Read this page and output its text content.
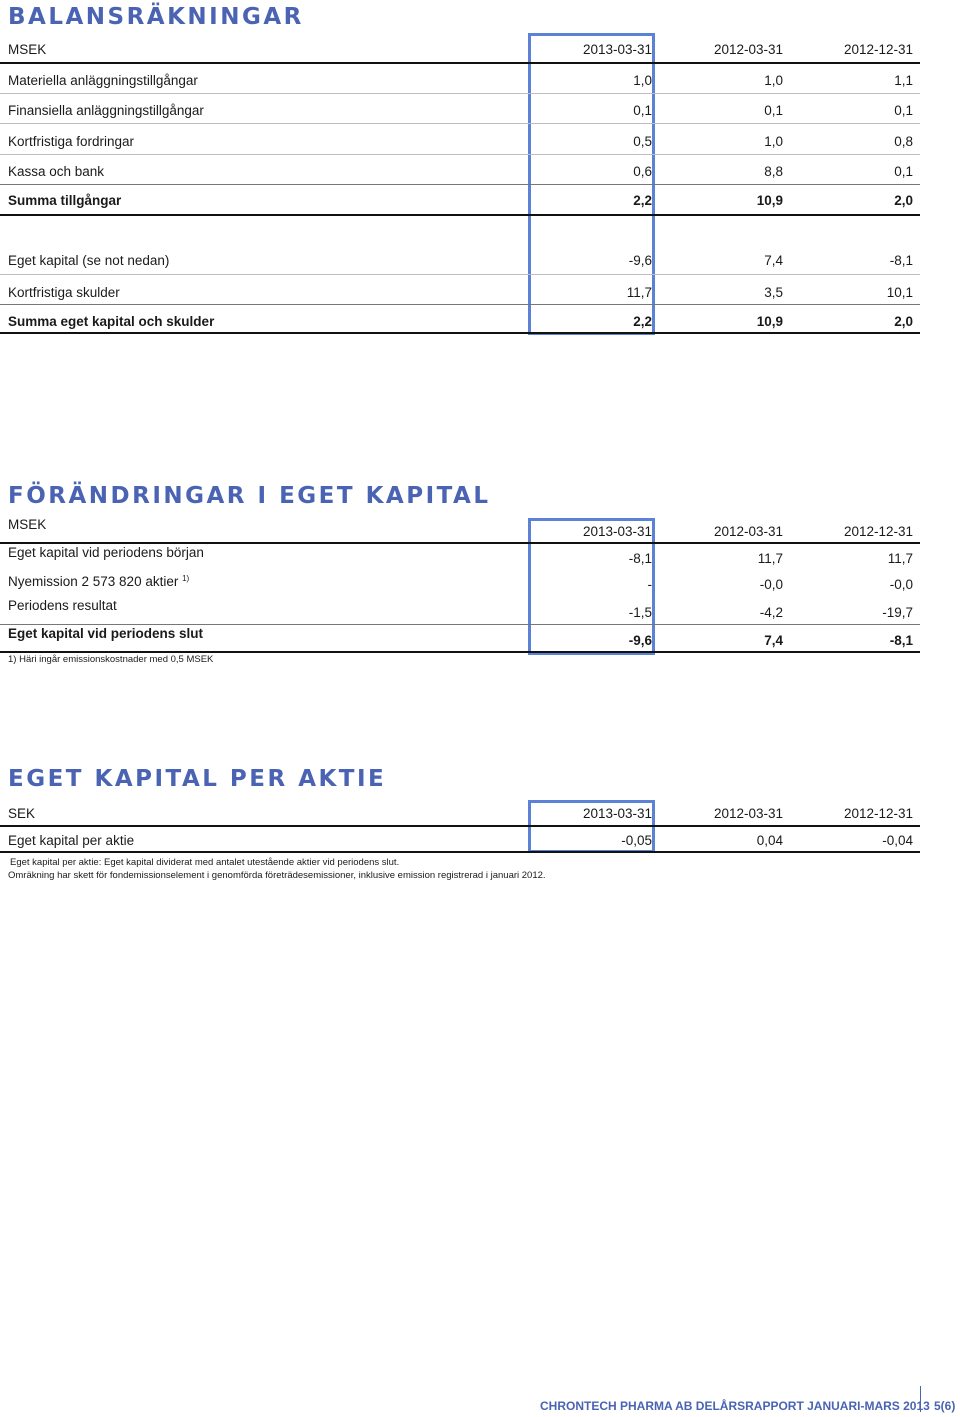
BALANSRÄKNINGAR
MSEK	2013-03-31	2012-03-31	2012-12-31
Materiella anläggningstillgångar	1,0	1,0	1,1
Finansiella anläggningstillgångar	0,1	0,1	0,1
Kortfristiga fordringar	0,5	1,0	0,8
Kassa och bank	0,6	8,8	0,1
Summa tillgångar	2,2	10,9	2,0
Eget kapital (se not nedan)	-9,6	7,4	-8,1
Kortfristiga skulder	11,7	3,5	10,1
Summa eget kapital och skulder	2,2	10,9	2,0
FÖRÄNDRINGAR I EGET KAPITAL
MSEK	2013-03-31	2012-03-31	2012-12-31
Eget kapital vid periodens början	-8,1	11,7	11,7
Nyemission 2 573 820 aktier $^{1)}$	-	-0,0	-0,0
Periodens resultat	-1,5	-4,2	-19,7
Eget kapital vid periodens slut	-9,6	7,4	-8,1
1) Häri ingår emissionskostnader med 0,5 MSEK
EGET KAPITAL PER AKTIE
SEK	2013-03-31	2012-03-31	2012-12-31
Eget kapital per aktie	-0,05	0,04	-0,04
Eget kapital per aktie: Eget kapital dividerat med antalet utestående aktier vid periodens slut.
Omräkning har skett för fondemissionselement i genomförda företrädesemissioner, inklusive emission registrerad i januari 2012.
CHRONTECH PHARMA AB DELÅRSRAPPORT JANUARI-MARS 2013 5(6)
